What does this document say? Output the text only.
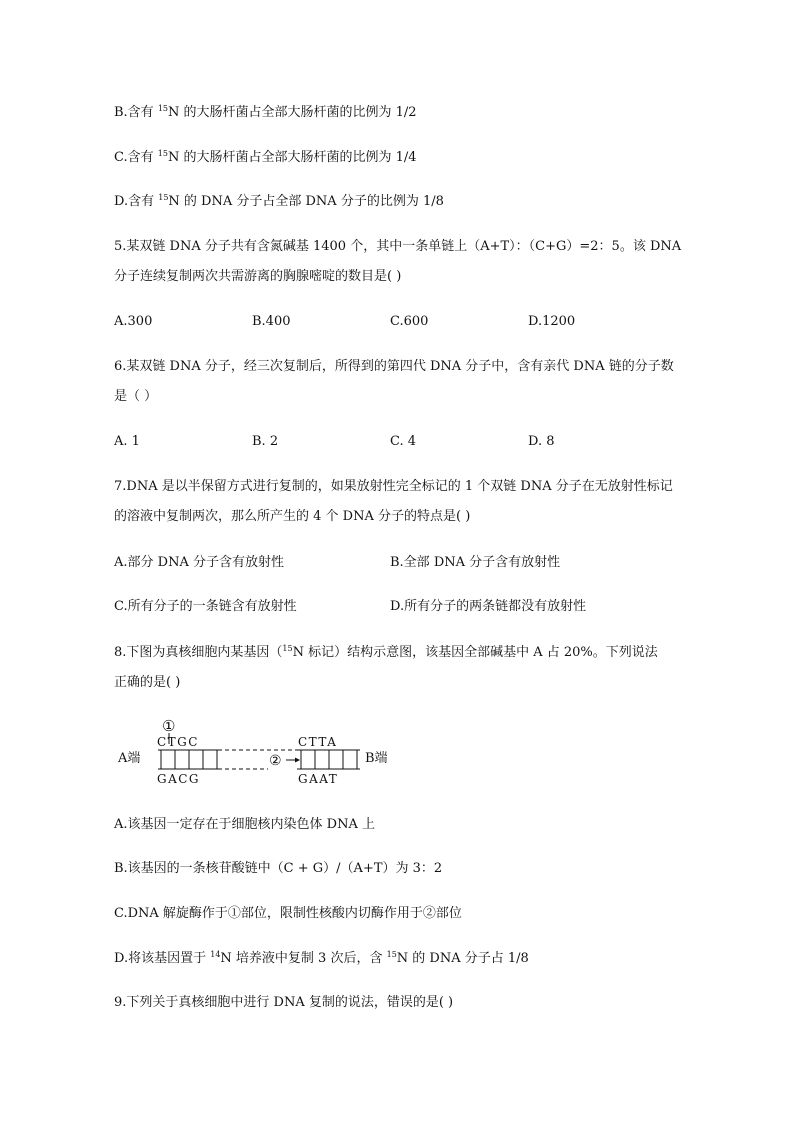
B.含有 $^{15}$N 的大肠杆菌占全部大肠杆菌的比例为 1/2
C.含有 $^{15}$N 的大肠杆菌占全部大肠杆菌的比例为 1/4
D.含有 $^{15}$N 的 DNA 分子占全部 DNA 分子的比例为 1/8
5.某双链 DNA 分子共有含氮碱基 1400 个，其中一条单链上（A+T）：（C+G）=2：5。该 DNA
分子连续复制两次共需游离的胸腺嘧啶的数目是( )
A.300	B.400	C.600	D.1200
6.某双链 DNA 分子，经三次复制后，所得到的第四代 DNA 分子中，含有亲代 DNA 链的分子数
是（ ）
A. 1	B. 2	C. 4	D. 8
7.DNA 是以半保留方式进行复制的，如果放射性完全标记的 1 个双链 DNA 分子在无放射性标记
的溶液中复制两次，那么所产生的 4 个 DNA 分子的特点是( )
A.部分 DNA 分子含有放射性	B.全部 DNA 分子含有放射性
C.所有分子的一条链含有放射性	D.所有分子的两条链都没有放射性
8.下图为真核细胞内某基因（$^{15}$N 标记）结构示意图，该基因全部碱基中 A 占 20%。下列说法
正确的是( )
A端	B端
①
CTGC
GACG
②
CTTA
GAAT
A.该基因一定存在于细胞核内染色体 DNA 上
B.该基因的一条核苷酸链中（C + G）/（A+T）为 3：2
C.DNA 解旋酶作于①部位，限制性核酸内切酶作用于②部位
D.将该基因置于 $^{14}$N 培养液中复制 3 次后，含 $^{15}$N 的 DNA 分子占 1/8
9.下列关于真核细胞中进行 DNA 复制的说法，错误的是( )
